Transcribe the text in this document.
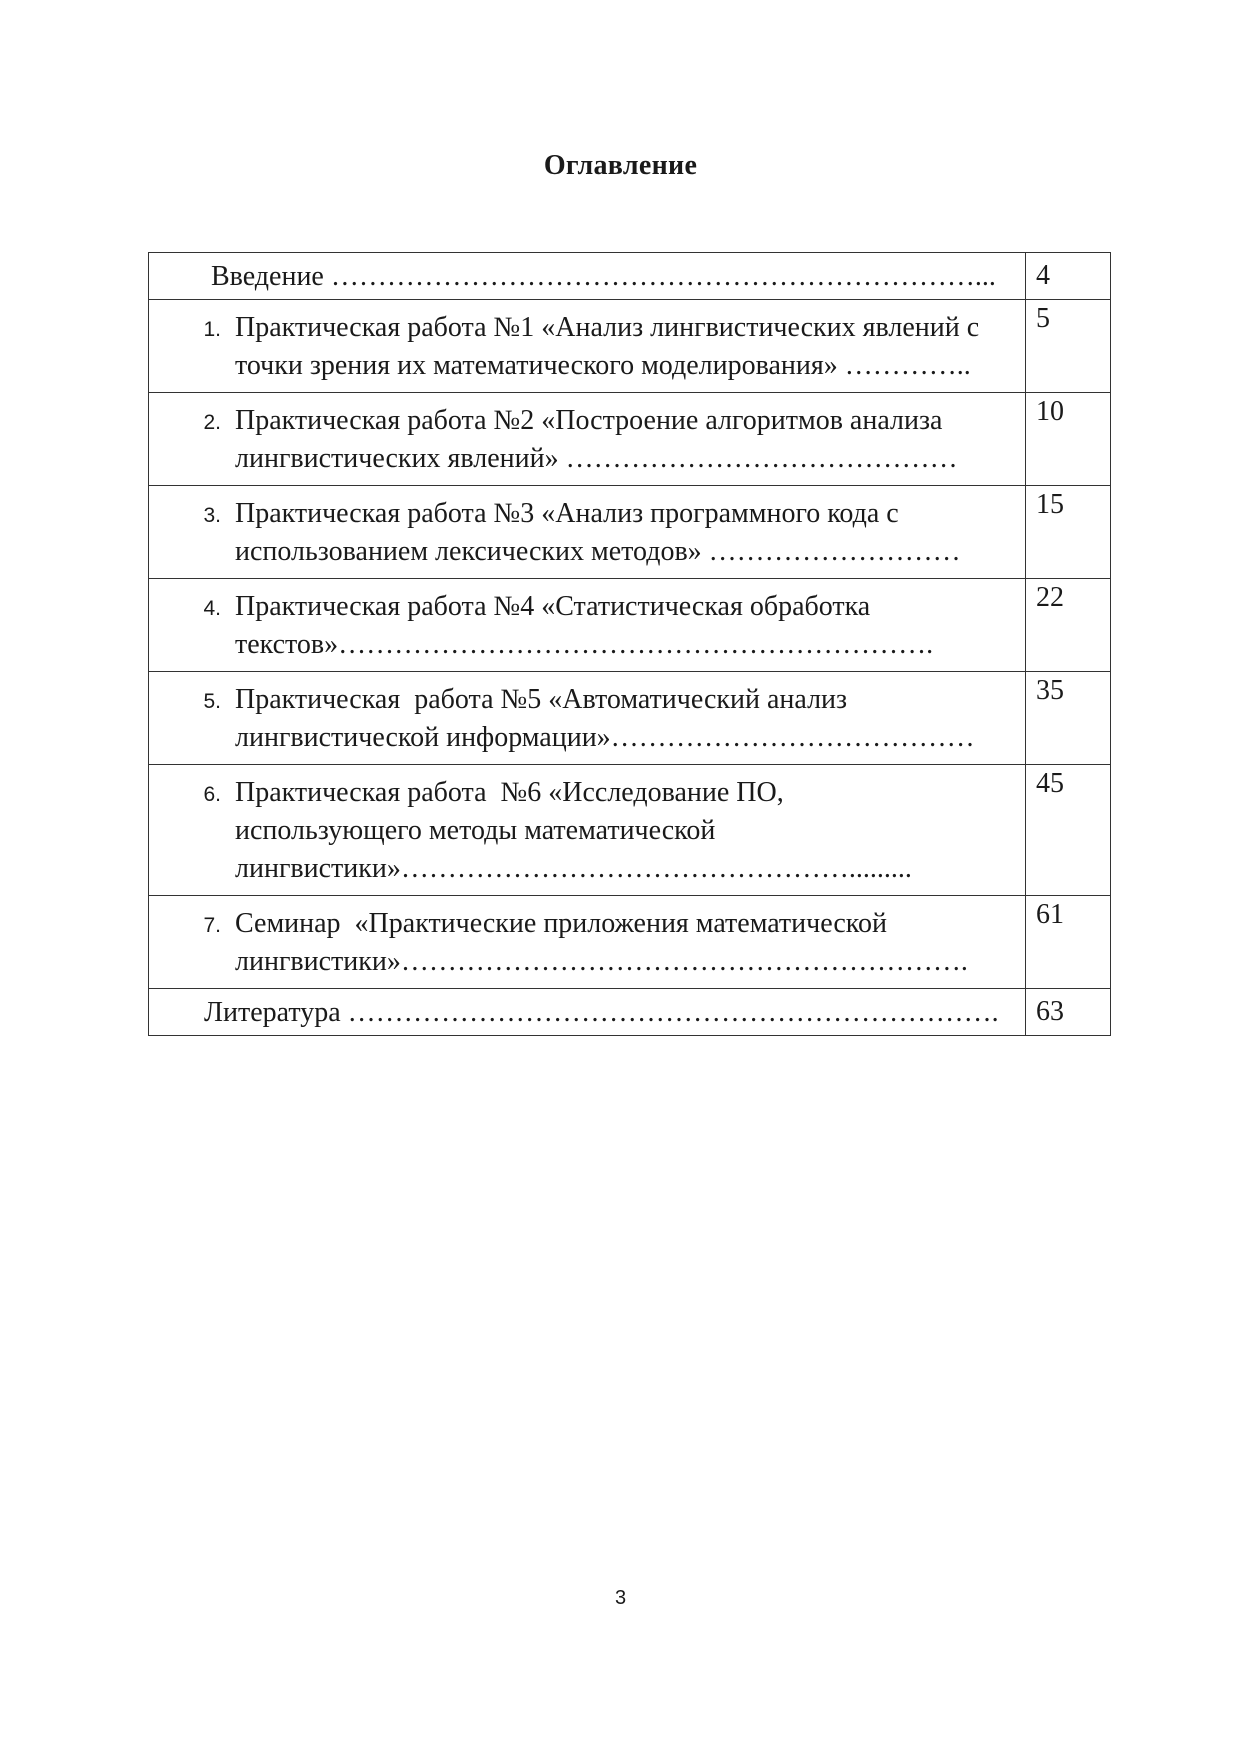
Оглавление
Введение ……………………………………………………………...	4

1. Практическая работа №1 «Анализ лингвистических явлений с
точки зрения их математического моделирования» …………..	5

2. Практическая работа №2 «Построение алгоритмов анализа
лингвистических явлений» ……………………………………	10

3. Практическая работа №3 «Анализ программного кода с
использованием лексических методов» ………………………	15

4. Практическая работа №4 «Статистическая обработка
текстов»……………………………………………………….	22

5. Практическая  работа №5 «Автоматический анализ
лингвистической информации»…………………………………	35

6. Практическая работа  №6 «Исследование ПО,
использующего методы математической
лингвистики»………………………………………….........	45

7. Семинар  «Практические приложения математической
лингвистики»…………………………………………………….	61

Литература …………………………………………………………….	63
3
